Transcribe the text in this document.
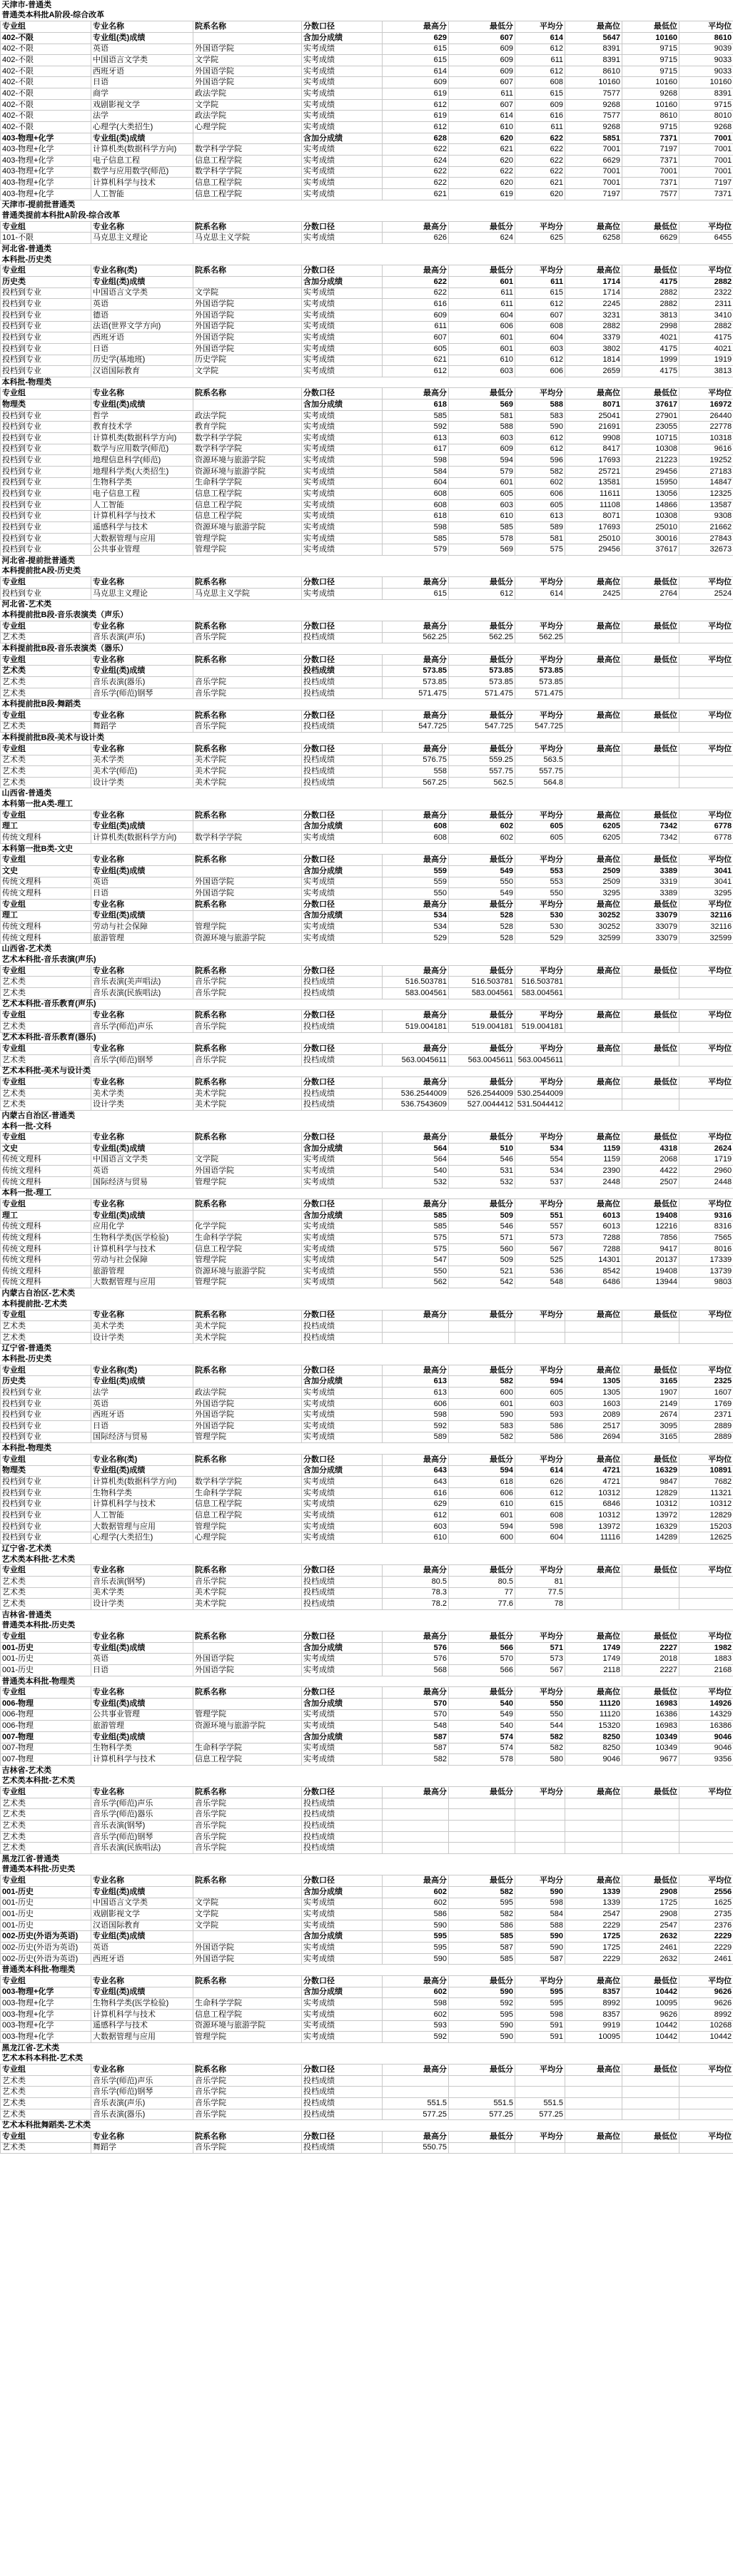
天津市-普通类									
普通类本科批A阶段-综合改革									
专业组	专业名称	院系名称	分数口径	最高分	最低分	平均分	最高位	最低位	平均位
402-不限	专业组(类)成绩		含加分成绩	629	607	614	5647	10160	8610
402-不限	英语	外国语学院	实考成绩	615	609	612	8391	9715	9039
402-不限	中国语言文学类	文学院	实考成绩	615	609	611	8391	9715	9033
402-不限	西班牙语	外国语学院	实考成绩	614	609	612	8610	9715	9033
402-不限	日语	外国语学院	实考成绩	609	607	608	10160	10160	10160
402-不限	商学	政法学院	实考成绩	619	611	615	7577	9268	8391
402-不限	戏剧影视文学	文学院	实考成绩	612	607	609	9268	10160	9715
402-不限	法学	政法学院	实考成绩	619	614	616	7577	8610	8010
402-不限	心理学(大类招生)	心理学院	实考成绩	612	610	611	9268	9715	9268
403-物理+化学	专业组(类)成绩		含加分成绩	628	620	622	5851	7371	7001
403-物理+化学	计算机类(数据科学方向)	数学科学学院	实考成绩	622	621	622	7001	7197	7001
403-物理+化学	电子信息工程	信息工程学院	实考成绩	624	620	622	6629	7371	7001
403-物理+化学	数学与应用数学(师范)	数学科学学院	实考成绩	622	622	622	7001	7001	7001
403-物理+化学	计算机科学与技术	信息工程学院	实考成绩	622	620	621	7001	7371	7197
403-物理+化学	人工智能	信息工程学院	实考成绩	621	619	620	7197	7577	7371
天津市-提前批普通类									
普通类提前本科批A阶段-综合改革									
专业组	专业名称	院系名称	分数口径	最高分	最低分	平均分	最高位	最低位	平均位
101-不限	马克思主义理论	马克思主义学院	实考成绩	626	624	625	6258	6629	6455
河北省-普通类									
本科批-历史类									
专业组	专业名称(类)	院系名称	分数口径	最高分	最低分	平均分	最高位	最低位	平均位
历史类	专业组(类)成绩		含加分成绩	622	601	611	1714	4175	2882
投档到专业	中国语言文学类	文学院	实考成绩	622	611	615	1714	2882	2322
投档到专业	英语	外国语学院	实考成绩	616	611	612	2245	2882	2311
投档到专业	德语	外国语学院	实考成绩	609	604	607	3231	3813	3410
投档到专业	法语(世界文学方向)	外国语学院	实考成绩	611	606	608	2882	2998	2882
投档到专业	西班牙语	外国语学院	实考成绩	607	601	604	3379	4021	4175
投档到专业	日语	外国语学院	实考成绩	605	601	603	3802	4175	4021
投档到专业	历史学(基地班)	历史学院	实考成绩	621	610	612	1814	1999	1919
投档到专业	汉语国际教育	文学院	实考成绩	612	603	606	2659	4175	3813
本科批-物理类									
专业组	专业名称	院系名称	分数口径	最高分	最低分	平均分	最高位	最低位	平均位
物理类	专业组(类)成绩		含加分成绩	618	569	588	8071	37617	16972
投档到专业	哲学	政法学院	实考成绩	585	581	583	25041	27901	26440
投档到专业	教育技术学	教育学院	实考成绩	592	588	590	21691	23055	22778
投档到专业	计算机类(数据科学方向)	数学科学学院	实考成绩	613	603	612	9908	10715	10318
投档到专业	数学与应用数学(师范)	数学科学学院	实考成绩	617	609	612	8417	10308	9616
投档到专业	地理信息科学(师范)	资源环境与旅游学院	实考成绩	598	594	596	17693	21223	19252
投档到专业	地理科学类(大类招生)	资源环境与旅游学院	实考成绩	584	579	582	25721	29456	27183
投档到专业	生物科学类	生命科学学院	实考成绩	604	601	602	13581	15950	14847
投档到专业	电子信息工程	信息工程学院	实考成绩	608	605	606	11611	13056	12325
投档到专业	人工智能	信息工程学院	实考成绩	608	603	605	11108	14866	13587
投档到专业	计算机科学与技术	信息工程学院	实考成绩	618	610	613	8071	10308	9308
投档到专业	遥感科学与技术	资源环境与旅游学院	实考成绩	598	585	589	17693	25010	21662
投档到专业	大数据管理与应用	管理学院	实考成绩	585	578	581	25010	30016	27843
投档到专业	公共事业管理	管理学院	实考成绩	579	569	575	29456	37617	32673
河北省-提前批普通类									
本科提前批A段-历史类									
专业组	专业名称	院系名称	分数口径	最高分	最低分	平均分	最高位	最低位	平均位
投档到专业	马克思主义理论	马克思主义学院	实考成绩	615	612	614	2425	2764	2524
河北省-艺术类									
本科提前批B段-音乐表演类（声乐）									
专业组	专业名称	院系名称	分数口径	最高分	最低分	平均分	最高位	最低位	平均位
艺术类	音乐表演(声乐)	音乐学院	投档成绩	562.25	562.25	562.25			
本科提前批B段-音乐表演类（器乐）									
专业组	专业名称	院系名称	分数口径	最高分	最低分	平均分	最高位	最低位	平均位
艺术类	专业组(类)成绩		投档成绩	573.85	573.85	573.85			
艺术类	音乐表演(器乐)	音乐学院	投档成绩	573.85	573.85	573.85			
艺术类	音乐学(师范)钢琴	音乐学院	投档成绩	571.475	571.475	571.475			
本科提前批B段-舞蹈类									
专业组	专业名称	院系名称	分数口径	最高分	最低分	平均分	最高位	最低位	平均位
艺术类	舞蹈学	音乐学院	投档成绩	547.725	547.725	547.725			
本科提前批B段-美术与设计类									
专业组	专业名称	院系名称	分数口径	最高分	最低分	平均分	最高位	最低位	平均位
艺术类	美术学类	美术学院	投档成绩	576.75	559.25	563.5			
艺术类	美术学(师范)	美术学院	投档成绩	558	557.75	557.75			
艺术类	设计学类	美术学院	投档成绩	567.25	562.5	564.8			
山西省-普通类									
本科第一批A类-理工									
专业组	专业名称	院系名称	分数口径	最高分	最低分	平均分	最高位	最低位	平均位
理工	专业组(类)成绩		含加分成绩	608	602	605	6205	7342	6778
传统文理科	计算机类(数据科学方向)	数学科学学院	实考成绩	608	602	605	6205	7342	6778
本科第一批B类-文史									
专业组	专业名称	院系名称	分数口径	最高分	最低分	平均分	最高位	最低位	平均位
文史	专业组(类)成绩		含加分成绩	559	549	553	2509	3389	3041
传统文理科	英语	外国语学院	实考成绩	559	550	553	2509	3319	3041
传统文理科	日语	外国语学院	实考成绩	550	549	550	3295	3389	3295
专业组	专业名称	院系名称	分数口径	最高分	最低分	平均分	最高位	最低位	平均位
理工	专业组(类)成绩		含加分成绩	534	528	530	30252	33079	32116
传统文理科	劳动与社会保障	管理学院	实考成绩	534	528	530	30252	33079	32116
传统文理科	旅游管理	资源环境与旅游学院	实考成绩	529	528	529	32599	33079	32599
山西省-艺术类									
艺术本科批-音乐表演(声乐)									
专业组	专业名称	院系名称	分数口径	最高分	最低分	平均分	最高位	最低位	平均位
艺术类	音乐表演(美声唱法)	音乐学院	投档成绩	516.503781	516.503781	516.503781			
艺术类	音乐表演(民族唱法)	音乐学院	投档成绩	583.004561	583.004561	583.004561			
艺术本科批-音乐教育(声乐)									
专业组	专业名称	院系名称	分数口径	最高分	最低分	平均分	最高位	最低位	平均位
艺术类	音乐学(师范)声乐	音乐学院	投档成绩	519.004181	519.004181	519.004181			
艺术本科批-音乐教育(器乐)									
专业组	专业名称	院系名称	分数口径	最高分	最低分	平均分	最高位	最低位	平均位
艺术类	音乐学(师范)钢琴	音乐学院	投档成绩	563.0045611	563.0045611	563.0045611			
艺术本科批-美术与设计类									
专业组	专业名称	院系名称	分数口径	最高分	最低分	平均分	最高位	最低位	平均位
艺术类	美术学类	美术学院	投档成绩	536.2544009	526.2544009	530.2544009			
艺术类	设计学类	美术学院	投档成绩	536.7543609	527.0044412	531.5044412			
内蒙古自治区-普通类									
本科一批-文科									
专业组	专业名称	院系名称	分数口径	最高分	最低分	平均分	最高位	最低位	平均位
文史	专业组(类)成绩		含加分成绩	564	510	534	1159	4318	2624
传统文理科	中国语言文学类	文学院	实考成绩	564	546	554	1159	2068	1719
传统文理科	英语	外国语学院	实考成绩	540	531	534	2390	4422	2960
传统文理科	国际经济与贸易	管理学院	实考成绩	532	532	537	2448	2507	2448
本科一批-理工									
专业组	专业名称	院系名称	分数口径	最高分	最低分	平均分	最高位	最低位	平均位
理工	专业组(类)成绩		含加分成绩	585	509	551	6013	19408	9316
传统文理科	应用化学	化学学院	实考成绩	585	546	557	6013	12216	8316
传统文理科	生物科学类(医学检验)	生命科学学院	实考成绩	575	571	573	7288	7856	7565
传统文理科	计算机科学与技术	信息工程学院	实考成绩	575	560	567	7288	9417	8016
传统文理科	劳动与社会保障	管理学院	实考成绩	547	509	525	14301	20137	17339
传统文理科	旅游管理	资源环境与旅游学院	实考成绩	550	521	536	8542	19408	13739
传统文理科	大数据管理与应用	管理学院	实考成绩	562	542	548	6486	13944	9803
内蒙古自治区-艺术类									
本科提前批-艺术类									
专业组	专业名称	院系名称	分数口径	最高分	最低分	平均分	最高位	最低位	平均位
艺术类	美术学类	美术学院	投档成绩						
艺术类	设计学类	美术学院	投档成绩						
辽宁省-普通类									
本科批-历史类									
专业组	专业名称(类)	院系名称	分数口径	最高分	最低分	平均分	最高位	最低位	平均位
历史类	专业组(类)成绩		含加分成绩	613	582	594	1305	3165	2325
投档到专业	法学	政法学院	实考成绩	613	600	605	1305	1907	1607
投档到专业	英语	外国语学院	实考成绩	606	601	603	1603	2149	1769
投档到专业	西班牙语	外国语学院	实考成绩	598	590	593	2089	2674	2371
投档到专业	日语	外国语学院	实考成绩	592	583	586	2517	3095	2889
投档到专业	国际经济与贸易	管理学院	实考成绩	589	582	586	2694	3165	2889
本科批-物理类									
专业组	专业名称(类)	院系名称	分数口径	最高分	最低分	平均分	最高位	最低位	平均位
物理类	专业组(类)成绩		含加分成绩	643	594	614	4721	16329	10891
投档到专业	计算机类(数据科学方向)	数学科学学院	实考成绩	643	618	626	4721	9847	7682
投档到专业	生物科学类	生命科学学院	实考成绩	616	606	612	10312	12829	11321
投档到专业	计算机科学与技术	信息工程学院	实考成绩	629	610	615	6846	10312	10312
投档到专业	人工智能	信息工程学院	实考成绩	612	601	608	10312	13972	12829
投档到专业	大数据管理与应用	管理学院	实考成绩	603	594	598	13972	16329	15203
投档到专业	心理学(大类招生)	心理学院	实考成绩	610	600	604	11116	14289	12625
辽宁省-艺术类									
艺术类本科批-艺术类									
专业组	专业名称	院系名称	分数口径	最高分	最低分	平均分	最高位	最低位	平均位
艺术类	音乐表演(钢琴)	音乐学院	投档成绩	80.5	80.5	81			
艺术类	美术学类	美术学院	投档成绩	78.3	77	77.5			
艺术类	设计学类	美术学院	投档成绩	78.2	77.6	78			
吉林省-普通类									
普通类本科批-历史类									
专业组	专业名称	院系名称	分数口径	最高分	最低分	平均分	最高位	最低位	平均位
001-历史	专业组(类)成绩		含加分成绩	576	566	571	1749	2227	1982
001-历史	英语	外国语学院	实考成绩	576	570	573	1749	2018	1883
001-历史	日语	外国语学院	实考成绩	568	566	567	2118	2227	2168
普通类本科批-物理类									
专业组	专业名称	院系名称	分数口径	最高分	最低分	平均分	最高位	最低位	平均位
006-物理	专业组(类)成绩		含加分成绩	570	540	550	11120	16983	14926
006-物理	公共事业管理	管理学院	实考成绩	570	549	550	11120	16386	14329
006-物理	旅游管理	资源环境与旅游学院	实考成绩	548	540	544	15320	16983	16386
007-物理	专业组(类)成绩		含加分成绩	587	574	582	8250	10349	9046
007-物理	生物科学类	生命科学学院	实考成绩	587	574	582	8250	10349	9046
007-物理	计算机科学与技术	信息工程学院	实考成绩	582	578	580	9046	9677	9356
吉林省-艺术类									
艺术类本科批-艺术类									
专业组	专业名称	院系名称	分数口径	最高分	最低分	平均分	最高位	最低位	平均位
艺术类	音乐学(师范)声乐	音乐学院	投档成绩						
艺术类	音乐学(师范)器乐	音乐学院	投档成绩						
艺术类	音乐表演(钢琴)	音乐学院	投档成绩						
艺术类	音乐学(师范)钢琴	音乐学院	投档成绩						
艺术类	音乐表演(民族唱法)	音乐学院	投档成绩						
黑龙江省-普通类									
普通类本科批-历史类									
专业组	专业名称	院系名称	分数口径	最高分	最低分	平均分	最高位	最低位	平均位
001-历史	专业组(类)成绩		含加分成绩	602	582	590	1339	2908	2556
001-历史	中国语言文学类	文学院	实考成绩	602	595	598	1339	1725	1625
001-历史	戏剧影视文学	文学院	实考成绩	586	582	584	2547	2908	2735
001-历史	汉语国际教育	文学院	实考成绩	590	586	588	2229	2547	2376
002-历史(外语为英语)	专业组(类)成绩		含加分成绩	595	585	590	1725	2632	2229
002-历史(外语为英语)	英语	外国语学院	实考成绩	595	587	590	1725	2461	2229
002-历史(外语为英语)	西班牙语	外国语学院	实考成绩	590	585	587	2229	2632	2461
普通类本科批-物理类									
专业组	专业名称	院系名称	分数口径	最高分	最低分	平均分	最高位	最低位	平均位
003-物理+化学	专业组(类)成绩		含加分成绩	602	590	595	8357	10442	9626
003-物理+化学	生物科学类(医学检验)	生命科学学院	实考成绩	598	592	595	8992	10095	9626
003-物理+化学	计算机科学与技术	信息工程学院	实考成绩	602	595	598	8357	9626	8992
003-物理+化学	遥感科学与技术	资源环境与旅游学院	实考成绩	593	590	591	9919	10442	10268
003-物理+化学	大数据管理与应用	管理学院	实考成绩	592	590	591	10095	10442	10442
黑龙江省-艺术类									
艺术本科本科批-艺术类									
专业组	专业名称	院系名称	分数口径	最高分	最低分	平均分	最高位	最低位	平均位
艺术类	音乐学(师范)声乐	音乐学院	投档成绩						
艺术类	音乐学(师范)钢琴	音乐学院	投档成绩						
艺术类	音乐表演(声乐)	音乐学院	投档成绩	551.5	551.5	551.5			
艺术类	音乐表演(器乐)	音乐学院	投档成绩	577.25	577.25	577.25			
艺术本科批舞蹈类-艺术类									
专业组	专业名称	院系名称	分数口径	最高分	最低分	平均分	最高位	最低位	平均位
艺术类	舞蹈学	音乐学院	投档成绩	550.75					
